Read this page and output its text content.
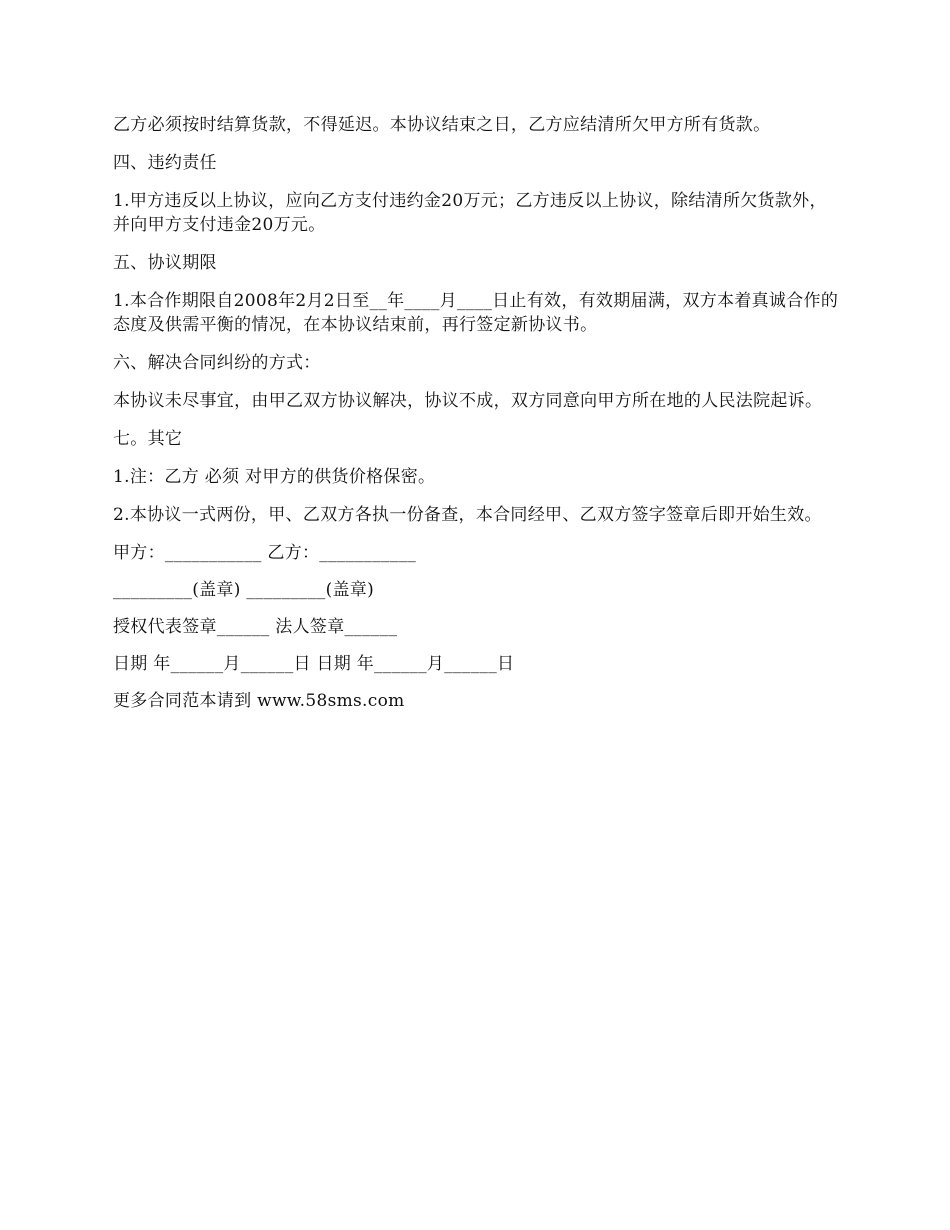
乙方必须按时结算货款，不得延迟。本协议结束之日，乙方应结清所欠甲方所有货款。

四、违约责任

1.甲方违反以上协议，应向乙方支付违约金20万元；乙方违反以上协议，除结清所欠货款外，并向甲方支付违金20万元。

五、协议期限

1.本合作期限自2008年2月2日至__年____月____日止有效，有效期届满，双方本着真诚合作的态度及供需平衡的情况，在本协议结束前，再行签定新协议书。

六、解决合同纠纷的方式：

本协议未尽事宜，由甲乙双方协议解决，协议不成，双方同意向甲方所在地的人民法院起诉。

七。其它

1.注：乙方 必须 对甲方的供货价格保密。

2.本协议一式两份，甲、乙双方各执一份备查，本合同经甲、乙双方签字签章后即开始生效。

甲方：___________ 乙方：___________

_________(盖章) _________(盖章)

授权代表签章______ 法人签章______

日期 年______月______日 日期 年______月______日

更多合同范本请到 www.58sms.com
